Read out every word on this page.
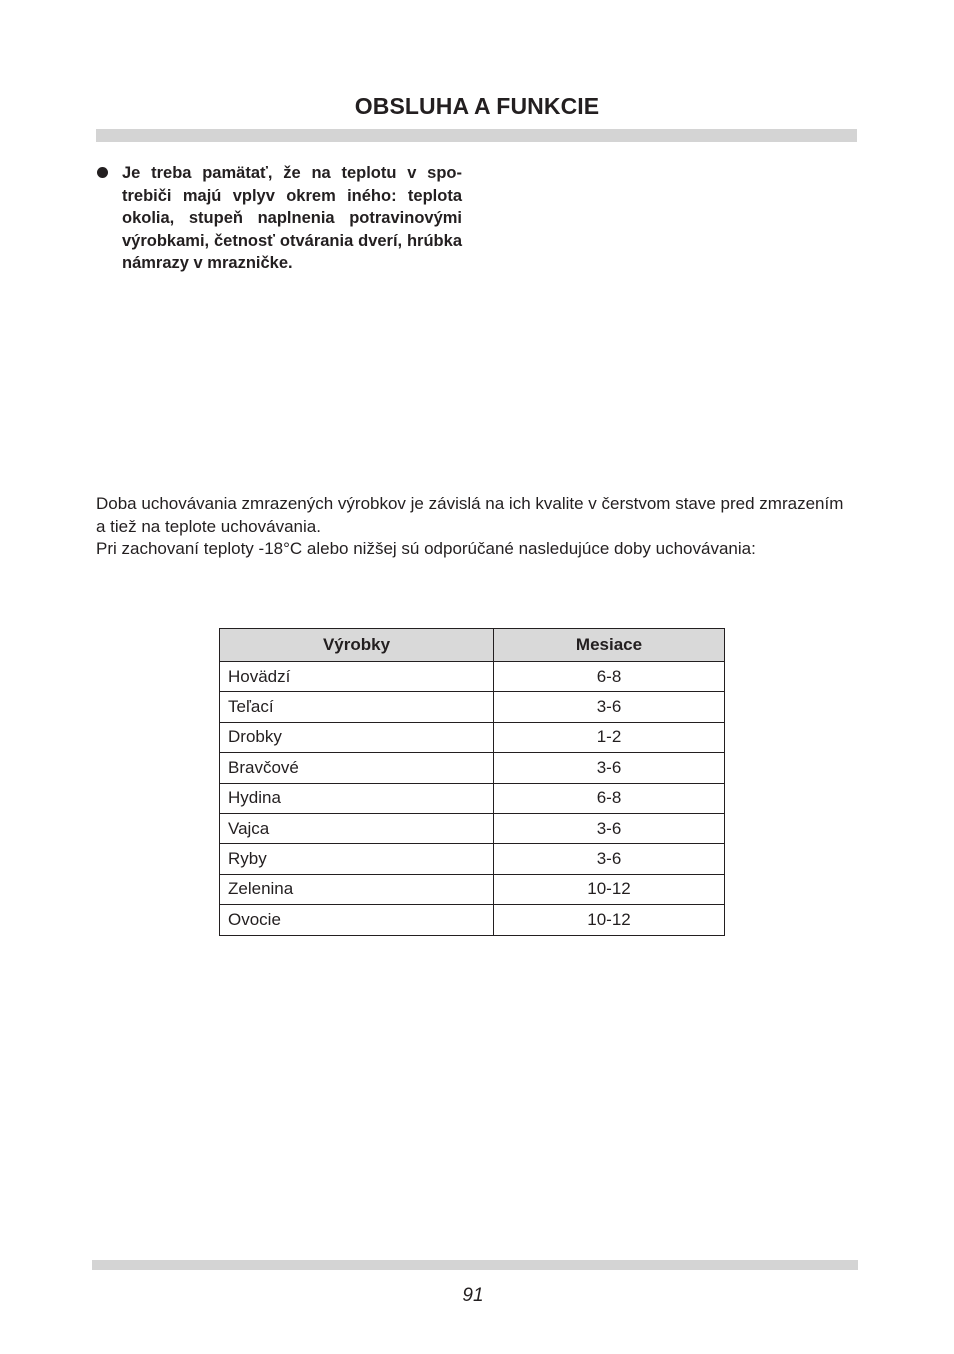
OBSLUHA A FUNKCIE
Je treba pamätať, že na teplotu v spotrebiči majú vplyv okrem iného: teplota okolia, stupeň naplnenia potravinovými výrobkami, četnosť otvárania dverí, hrúbka námrazy v mrazničke.

Doba uchovávania zmrazených výrobkov je závislá na ich kvalite v čerstvom stave pred zmrazením a tiež na teplote uchovávania.

Pri zachovaní teploty -18°C alebo nižšej sú odporúčané nasledujúce doby uchovávania:

Výrobky	Mesiace
Hovädzí	6-8
Teľací	3-6
Drobky	1-2
Bravčové	3-6
Hydina	6-8
Vajca	3-6
Ryby	3-6
Zelenina	10-12
Ovocie	10-12
91
